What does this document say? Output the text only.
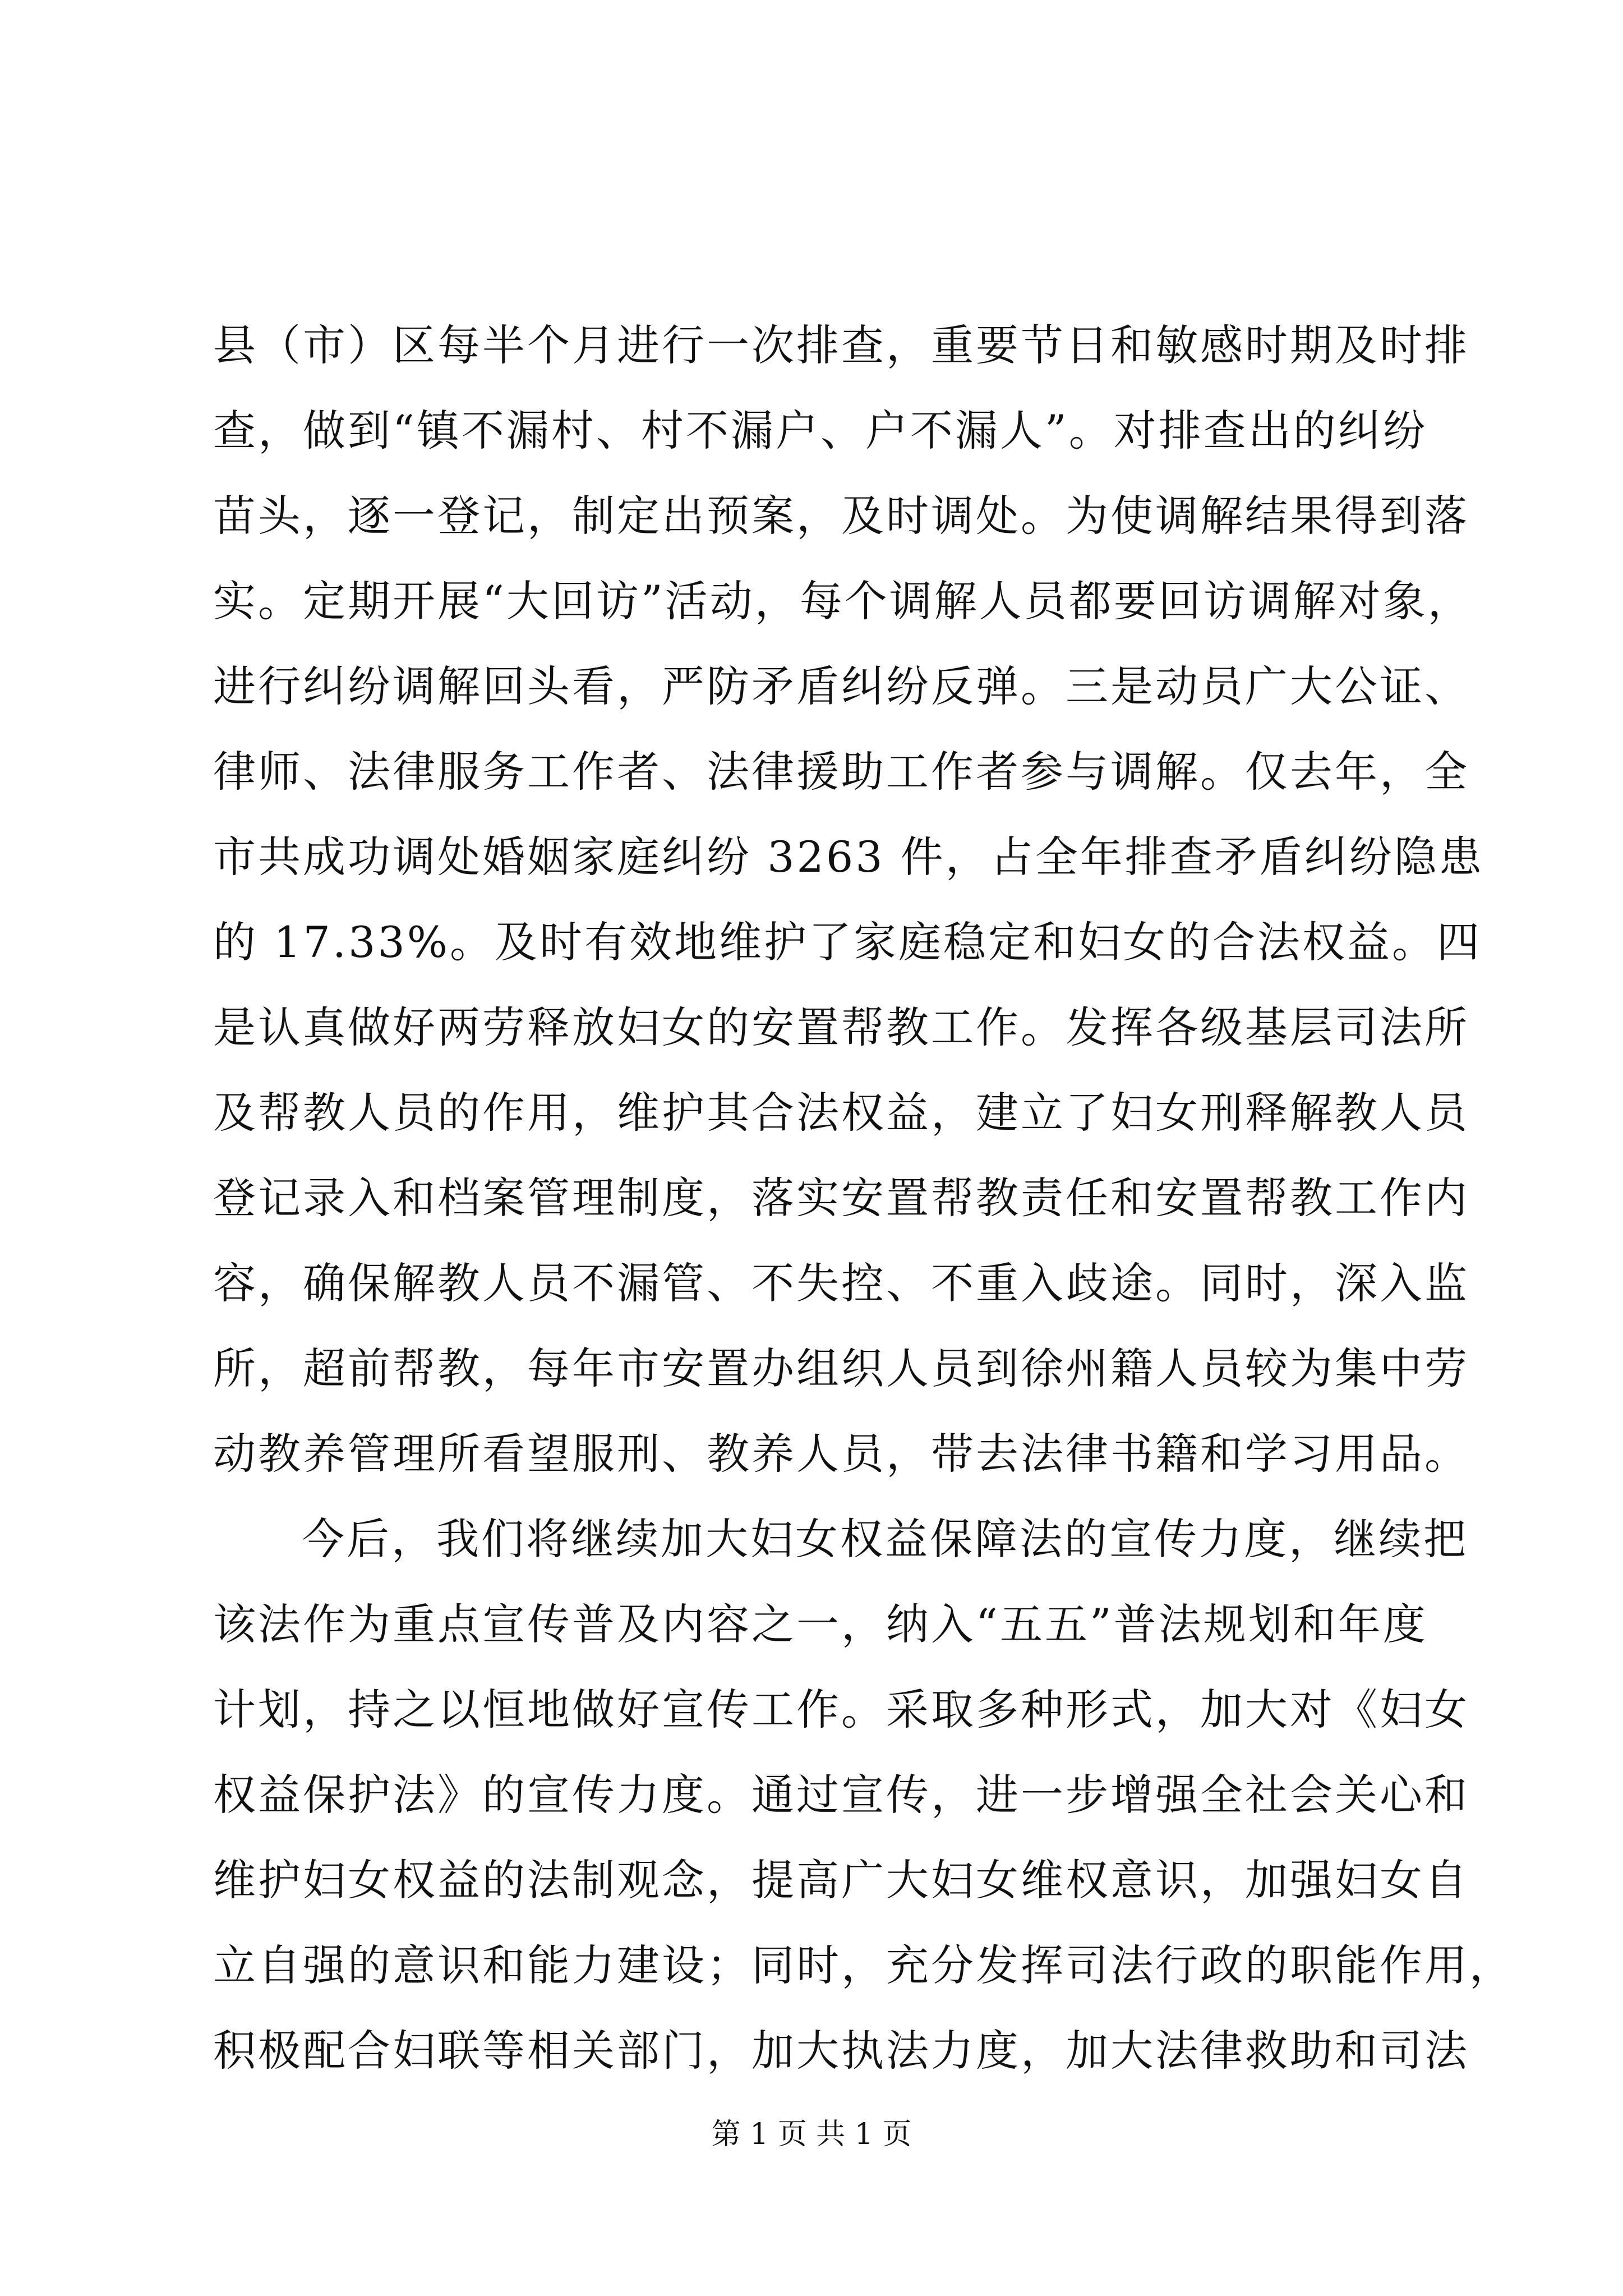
县（市）区每半个月进行一次排查，重要节日和敏感时期及时排
查，做到“镇不漏村、村不漏户、户不漏人”。对排查出的纠纷
苗头，逐一登记，制定出预案，及时调处。为使调解结果得到落
实。定期开展“大回访”活动，每个调解人员都要回访调解对象，
进行纠纷调解回头看，严防矛盾纠纷反弹。三是动员广大公证、
律师、法律服务工作者、法律援助工作者参与调解。仅去年，全
市共成功调处婚姻家庭纠纷 3263 件，占全年排查矛盾纠纷隐患
的 17.33%。及时有效地维护了家庭稳定和妇女的合法权益。四
是认真做好两劳释放妇女的安置帮教工作。发挥各级基层司法所
及帮教人员的作用，维护其合法权益，建立了妇女刑释解教人员
登记录入和档案管理制度，落实安置帮教责任和安置帮教工作内
容，确保解教人员不漏管、不失控、不重入歧途。同时，深入监
所，超前帮教，每年市安置办组织人员到徐州籍人员较为集中劳
动教养管理所看望服刑、教养人员，带去法律书籍和学习用品。
今后，我们将继续加大妇女权益保障法的宣传力度，继续把
该法作为重点宣传普及内容之一，纳入“五五”普法规划和年度
计划，持之以恒地做好宣传工作。采取多种形式，加大对《妇女
权益保护法》的宣传力度。通过宣传，进一步增强全社会关心和
维护妇女权益的法制观念，提高广大妇女维权意识，加强妇女自
立自强的意识和能力建设；同时，充分发挥司法行政的职能作用，
积极配合妇联等相关部门，加大执法力度，加大法律救助和司法
第 1 页 共 1 页
